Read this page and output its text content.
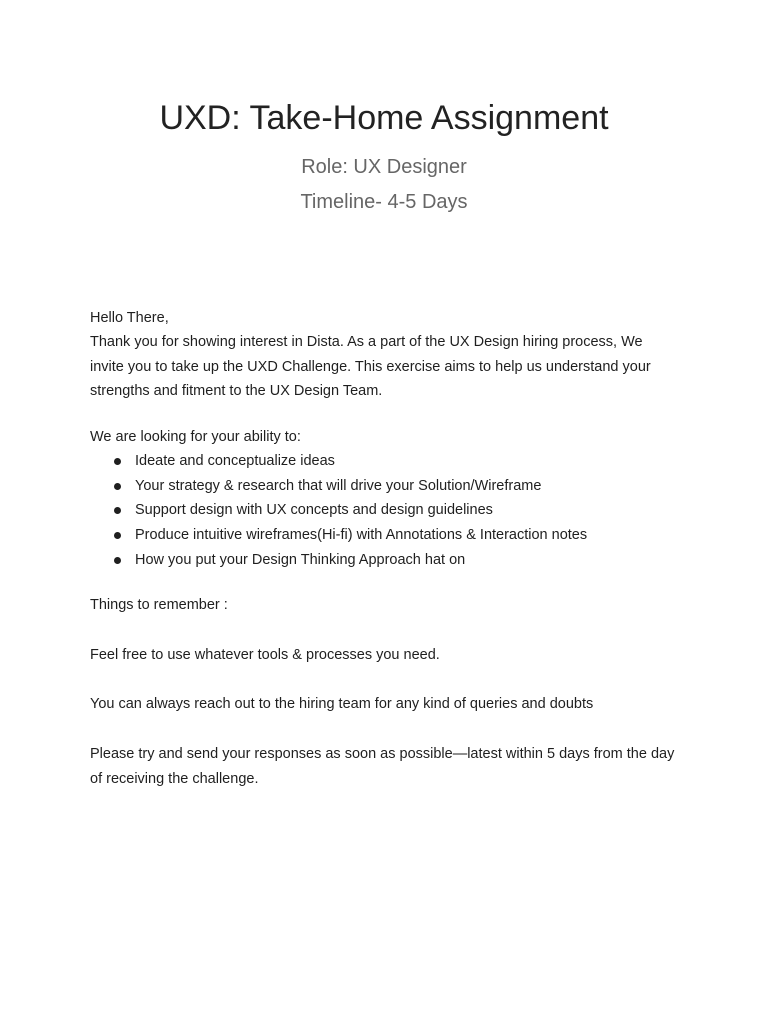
UXD: Take-Home Assignment

Role: UX Designer

Timeline- 4-5 Days

Hello There,

Thank you for showing interest in Dista. As a part of the UX Design hiring process, We invite you to take up the UXD Challenge. This exercise aims to help us understand your strengths and fitment to the UX Design Team.

We are looking for your ability to:

Ideate and conceptualize ideas
Your strategy & research that will drive your Solution/Wireframe
Support design with UX concepts and design guidelines
Produce intuitive wireframes(Hi-fi) with Annotations & Interaction notes
How you put your Design Thinking Approach hat on

Things to remember :

Feel free to use whatever tools & processes you need.

You can always reach out to the hiring team for any kind of queries and doubts

Please try and send your responses as soon as possible—latest within 5 days from the day of receiving the challenge.
